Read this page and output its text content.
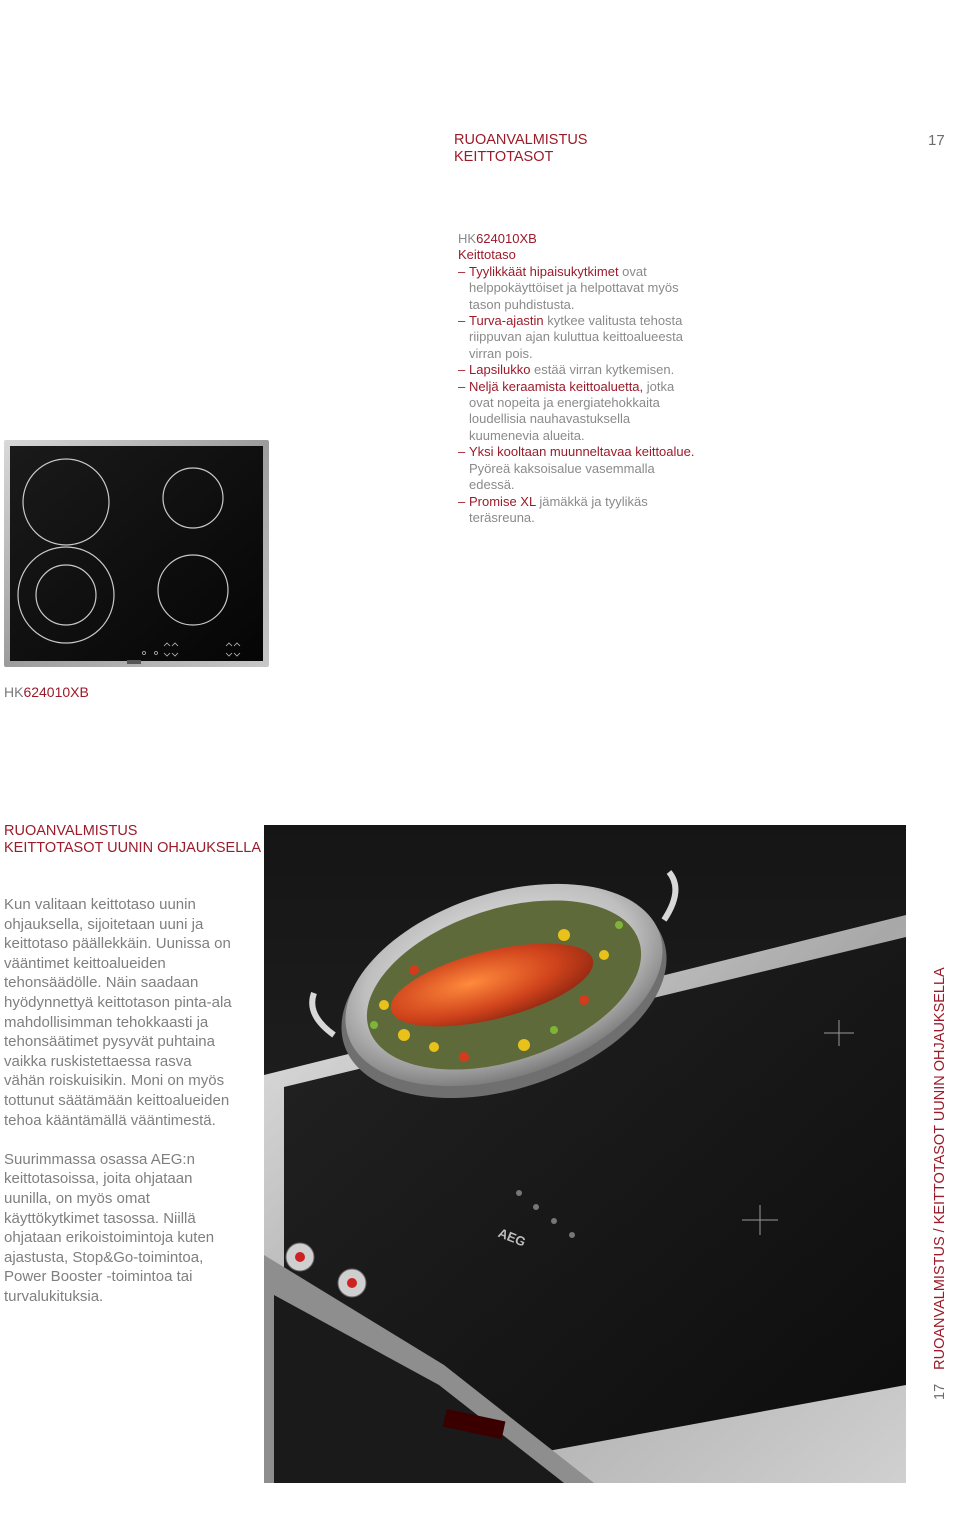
RUOANVALMISTUS
KEITTOTASOT
17
HK624010XB
Keittotaso
– Tyylikkäät hipaisukytkimet ovat helppokäyttöiset ja helpottavat myös tason puhdistusta.
– Turva-ajastin kytkee valitusta tehosta riippuvan ajan kuluttua keittoalueesta virran pois.
– Lapsilukko estää virran kytkemisen.
– Neljä keraamista keittoaluetta, jotka ovat nopeita ja energiatehokkaita loudellisia nauhavastuksella kuumenevia alueita.
– Yksi kooltaan muunneltavaa keittoalue. Pyöreä kaksoisalue vasemmalla edessä.
– Promise XL jämäkkä ja tyylikäs teräsreuna.
HK624010XB
RUOANVALMISTUS
KEITTOTASOT UUNIN OHJAUKSELLA

Kun valitaan keittotaso uunin ohjauksella, sijoitetaan uuni ja keittotaso päällekkäin. Uunissa on vääntimet keittoalueiden tehonsäädölle. Näin saadaan hyödynnettyä keittotason pinta-ala mahdollisimman tehokkaasti ja tehonsäätimet pysyvät puhtaina vaikka ruskistettaessa rasva vähän roiskuisikin. Moni on myös tottunut säätämään keittoalueiden tehoa kääntämällä vääntimestä.

Suurimmassa osassa AEG:n keittotasoissa, joita ohjataan uunilla, on myös omat käyttökytkimet tasossa. Niillä ohjataan erikoistoimintoja kuten ajastusta, Stop&Go-toimintoa, Power Booster -toimintoa tai turvalukituksia.

AEG
17RUOANVALMISTUS / KEITTOTASOT UUNIN OHJAUKSELLA
